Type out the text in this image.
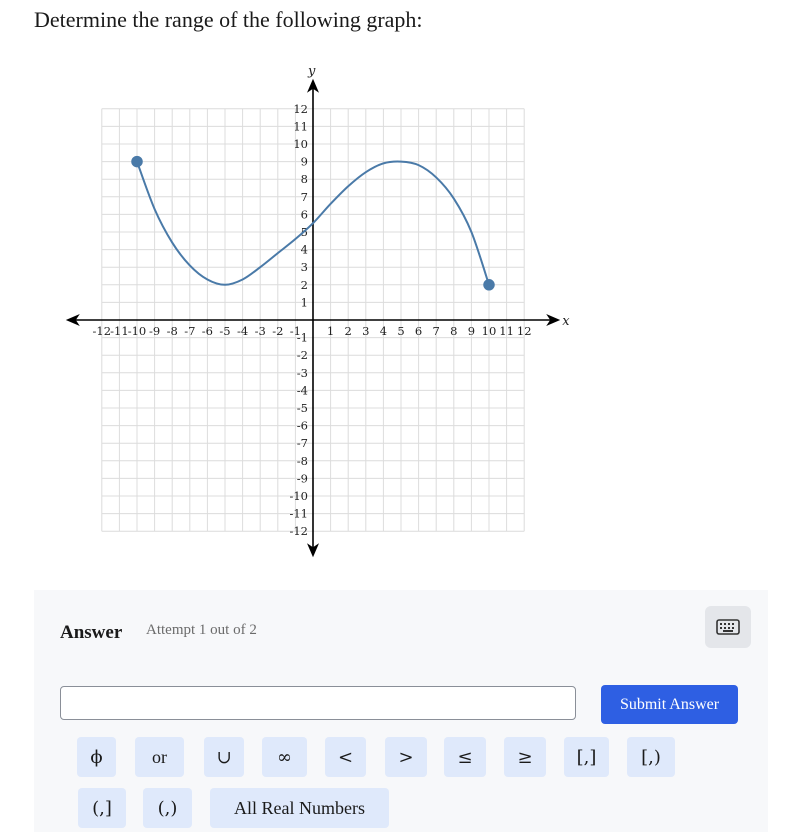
Determine the range of the following graph:
x
y
-12 -11 -10 -9 -8 -7 -6 -5 -4 -3 -2 -1 1 2 3 4 5 6 7 8 9 10 11 12
12
11
10
9
8
7
6
5
4
3
2
1
-1
-2
-3
-4
-5
-6
-7
-8
-9
-10
-11
-12
Answer Attempt 1 out of 2
Submit Answer
ϕ	or	∪	∞	<	>	≤	≥	[,]	[,)
(,]	(,)	All Real Numbers
